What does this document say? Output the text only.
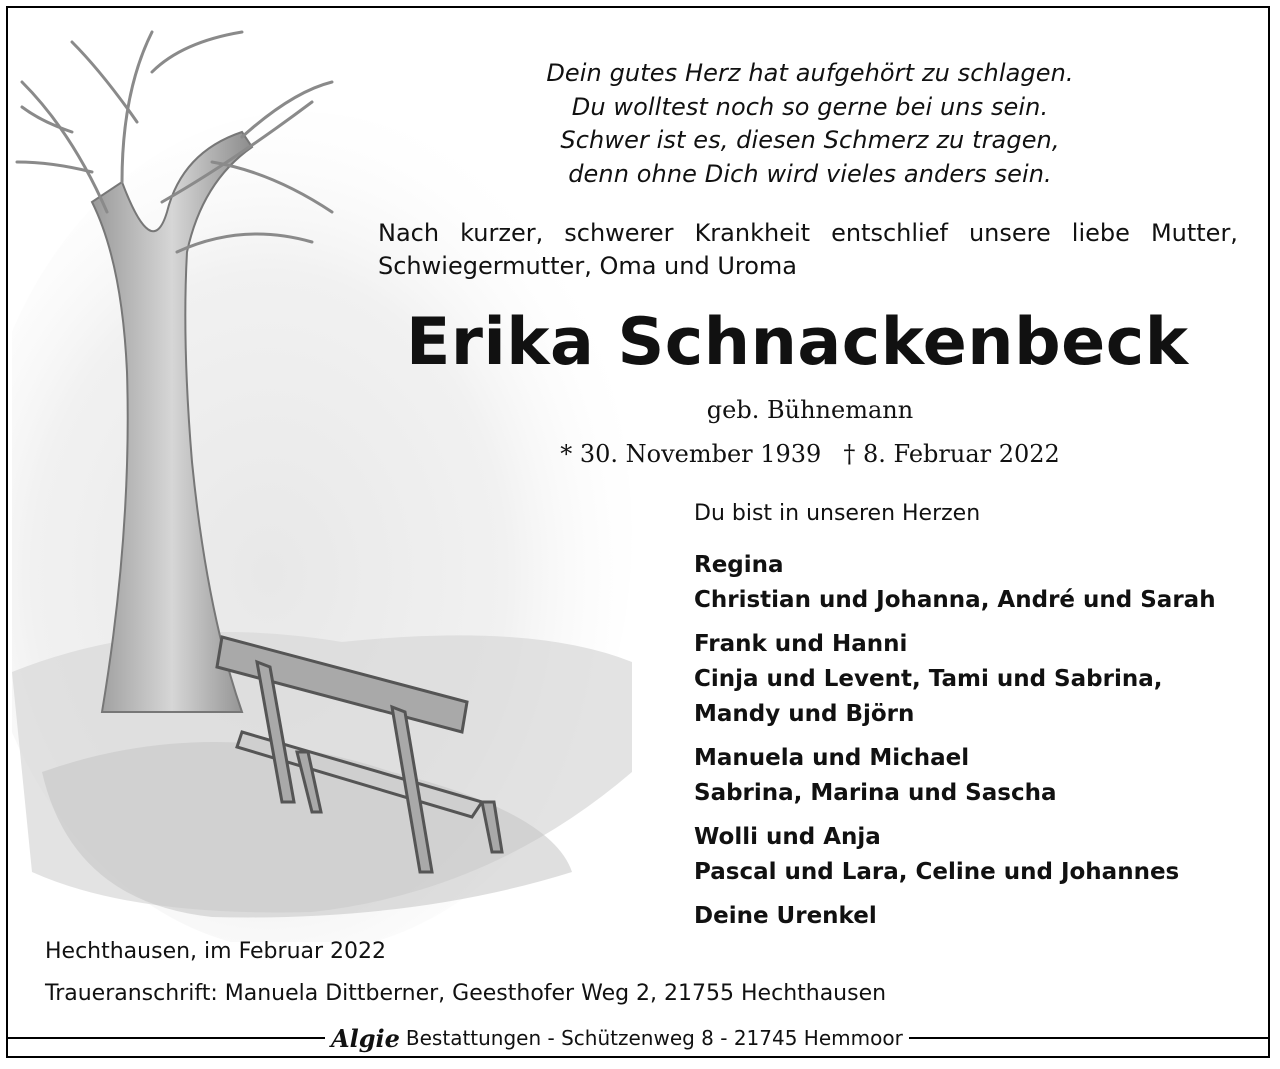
Dein gutes Herz hat aufgehört zu schlagen.
Du wolltest noch so gerne bei uns sein.
Schwer ist es, diesen Schmerz zu tragen,
denn ohne Dich wird vieles anders sein.
Nach kurzer, schwerer Krankheit entschlief unsere liebe Mutter,
Schwiegermutter, Oma und Uroma
Erika Schnackenbeck
geb. Bühnemann
* 30. November 1939 † 8. Februar 2022
Du bist in unseren Herzen
Regina
Christian und Johanna, André und Sarah
Frank und Hanni
Cinja und Levent, Tami und Sabrina,
Mandy und Björn
Manuela und Michael
Sabrina, Marina und Sascha
Wolli und Anja
Pascal und Lara, Celine und Johannes
Deine Urenkel
Hechthausen, im Februar 2022
Traueranschrift: Manuela Dittberner, Geesthofer Weg 2, 21755 Hechthausen
Algie Bestattungen - Schützenweg 8 - 21745 Hemmoor
